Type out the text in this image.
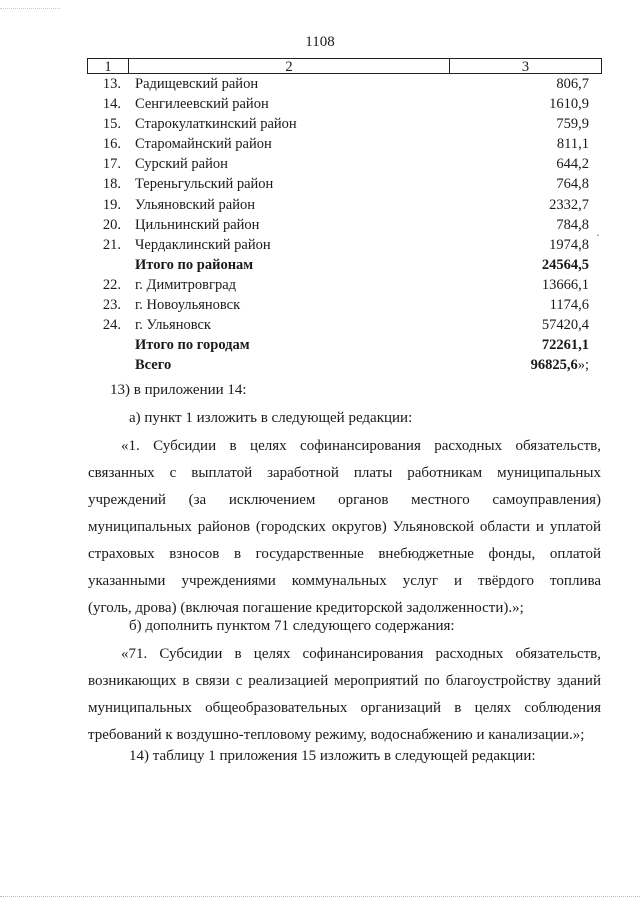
1108
1	2	3
13. Радищевский район	806,7
14. Сенгилеевский район	1610,9
15. Старокулаткинский район	759,9
16. Старомайнский район	811,1
17. Сурский район	644,2
18. Тереньгульский район	764,8
19. Ульяновский район	2332,7
20. Цильнинский район	784,8
21. Чердаклинский район	1974,8
Итого по районам	24564,5
22. г. Димитровград	13666,1
23. г. Новоульяновск	1174,6
24. г. Ульяновск	57420,4
Итого по городам	72261,1
Всего	96825,6»;
13) в приложении 14:
а) пункт 1 изложить в следующей редакции:
«1. Субсидии в целях софинансирования расходных обязательств,
связанных с выплатой заработной платы работникам муниципальных
учреждений (за исключением органов местного самоуправления)
муниципальных районов (городских округов) Ульяновской области и уплатой
страховых взносов в государственные внебюджетные фонды, оплатой
указанными учреждениями коммунальных услуг и твёрдого топлива
(уголь, дрова) (включая погашение кредиторской задолженности).»;
б) дополнить пунктом 71 следующего содержания:
«71. Субсидии в целях софинансирования расходных обязательств,
возникающих в связи с реализацией мероприятий по благоустройству зданий
муниципальных общеобразовательных организаций в целях соблюдения
требований к воздушно-тепловому режиму, водоснабжению и канализации.»;
14) таблицу 1 приложения 15 изложить в следующей редакции:
·
